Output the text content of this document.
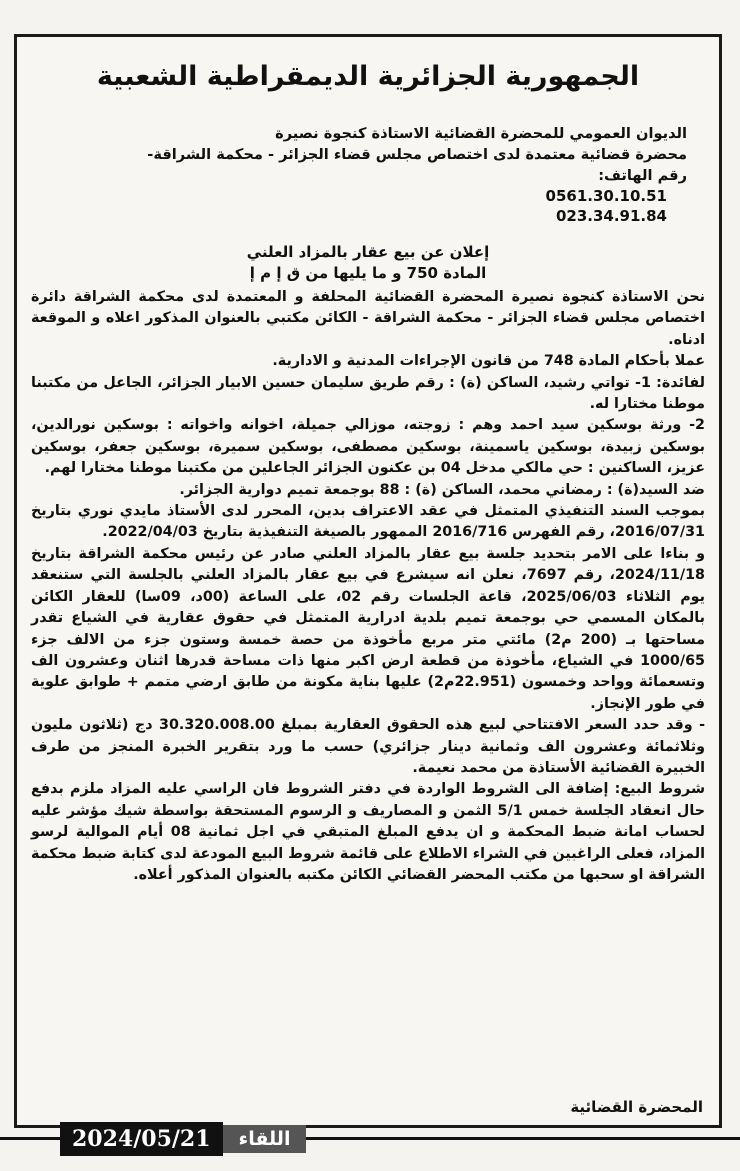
الجمهورية الجزائرية الديمقراطية الشعبية
الديوان العمومي للمحضرة القضائية الاستاذة كنجوة نصيرة
محضرة قضائية معتمدة لدى اختصاص مجلس قضاء الجزائر - محكمة الشراقة-
رقم الهاتف:
0561.30.10.51
023.34.91.84
إعلان عن بيع عقار بالمزاد العلني
المادة 750 و ما يليها من ق إ م إ

نحن الاستاذة كنجوة نصيرة المحضرة القضائية المحلفة و المعتمدة لدى محكمة الشراقة دائرة اختصاص مجلس قضاء الجزائر - محكمة الشراقة - الكائن مكتبي بالعنوان المذكور اعلاه و الموقعة ادناه.

عملا بأحكام المادة 748 من قانون الإجراءات المدنية و الادارية.

لفائدة: 1- تواتي رشيد، الساكن (ة) : رقم طريق سليمان حسين الابيار الجزائر، الجاعل من مكتبنا موطنا مختارا له.

2- ورثة بوسكين سيد احمد وهم : زوجته، موزالي جميلة، اخوانه واخواته : بوسكين نورالدين، بوسكين زبيدة، بوسكين ياسمينة، بوسكين مصطفى، بوسكين سميرة، بوسكين جعفر، بوسكين عزيز، الساكنين : حي مالكي مدخل 04 بن عكنون الجزائر الجاعلين من مكتبنا موطنا مختارا لهم.

ضد السيد(ة) : رمضاني محمد، الساكن (ة) : 88 بوجمعة تميم دوارية الجزائر.

بموجب السند التنفيذي المتمثل في عقد الاعتراف بدين، المحرر لدى الأستاذ مايدي نوري بتاريخ 2016/07/31، رقم الفهرس 2016/716 الممهور بالصيغة التنفيذية بتاريخ 2022/04/03.

و بناءا على الامر بتحديد جلسة بيع عقار بالمزاد العلني صادر عن رئيس محكمة الشراقة بتاريخ 2024/11/18، رقم 7697، نعلن انه سيشرع في بيع عقار بالمزاد العلني بالجلسة التي ستنعقد يوم الثلاثاء 2025/06/03، قاعة الجلسات رقم 02، على الساعة (00د، 09سا) للعقار الكائن بالمكان المسمي حي بوجمعة تميم بلدية ادرارية المتمثل في حقوق عقارية في الشياع تقدر مساحتها بـ (200 م2) مائتي متر مربع مأخوذة من حصة خمسة وستون جزء من الالف جزء 1000/65 في الشياع، مأخوذة من قطعة ارض اكبر منها ذات مساحة قدرها اثنان وعشرون الف وتسعمائة وواحد وخمسون (22.951م2) عليها بناية مكونة من طابق ارضي متمم + طوابق علوية في طور الإنجاز.

- وقد حدد السعر الافتتاحي لبيع هذه الحقوق العقارية بمبلغ 30.320.008.00 دج (ثلاثون مليون وثلاثمائة وعشرون الف وثمانية دينار جزائري) حسب ما ورد بتقرير الخبرة المنجز من طرف الخبيرة القضائية الأستاذة من محمد نعيمة.

شروط البيع: إضافة الى الشروط الواردة في دفتر الشروط فان الراسي عليه المزاد ملزم بدفع حال انعقاد الجلسة خمس 5/1 الثمن و المصاريف و الرسوم المستحقة بواسطة شيك مؤشر عليه لحساب امانة ضبط المحكمة و ان يدفع المبلغ المتبقي في اجل ثمانية 08 أيام الموالية لرسو المزاد، فعلى الراغبين في الشراء الاطلاع على قائمة شروط البيع المودعة لدى كتابة ضبط محكمة الشراقة او سحبها من مكتب المحضر القضائي الكائن مكتبه بالعنوان المذكور أعلاه.

المحضرة القضائية
2024/05/21	اللقاء
